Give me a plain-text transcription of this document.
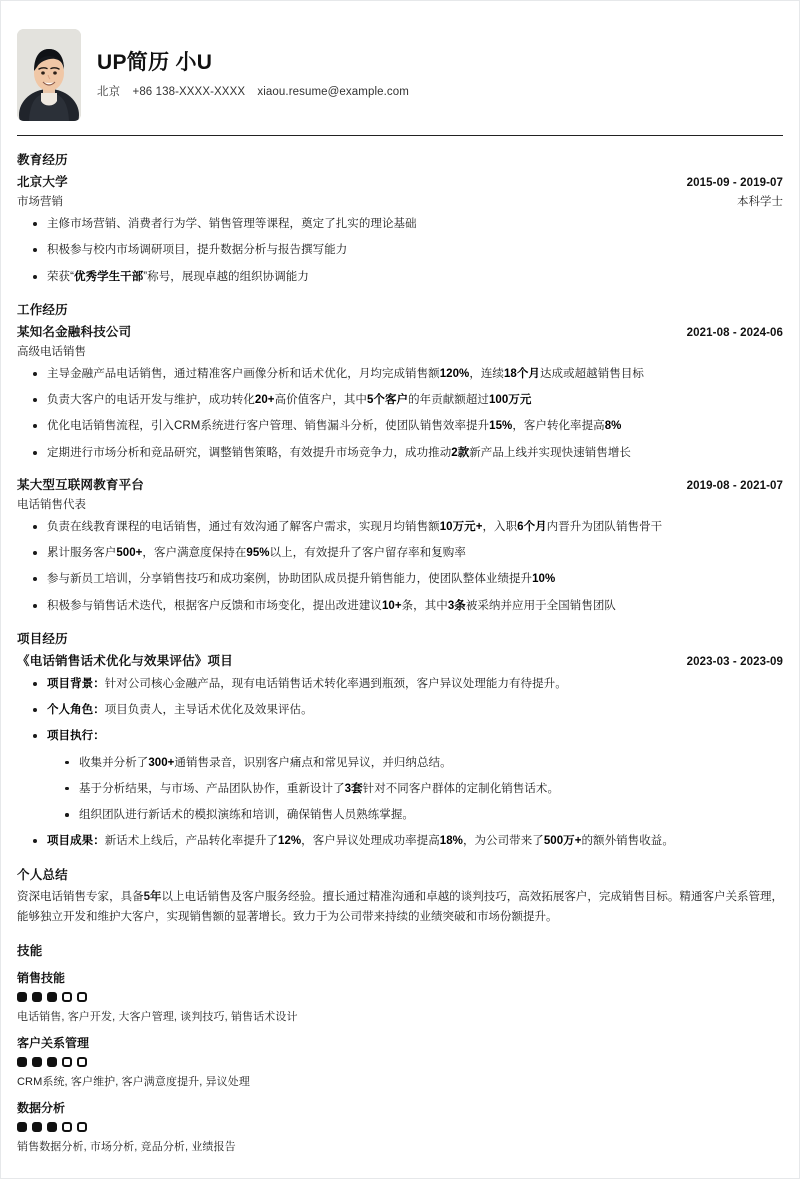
UP简历 小U
北京 +86 138-XXXX-XXXX xiaou.resume@example.com
教育经历
北京大学	2015-09 - 2019-07
市场营销	本科学士
主修市场营销、消费者行为学、销售管理等课程，奠定了扎实的理论基础
积极参与校内市场调研项目，提升数据分析与报告撰写能力
荣获“优秀学生干部”称号，展现卓越的组织协调能力
工作经历
某知名金融科技公司	2021-08 - 2024-06
高级电话销售
主导金融产品电话销售，通过精准客户画像分析和话术优化，月均完成销售额120%，连续18个月达成或超越销售目标
负责大客户的电话开发与维护，成功转化20+高价值客户，其中5个客户的年贡献额超过100万元
优化电话销售流程，引入CRM系统进行客户管理、销售漏斗分析，使团队销售效率提升15%，客户转化率提高8%
定期进行市场分析和竞品研究，调整销售策略，有效提升市场竞争力，成功推动2款新产品上线并实现快速销售增长
某大型互联网教育平台	2019-08 - 2021-07
电话销售代表
负责在线教育课程的电话销售，通过有效沟通了解客户需求，实现月均销售额10万元+，入职6个月内晋升为团队销售骨干
累计服务客户500+，客户满意度保持在95%以上，有效提升了客户留存率和复购率
参与新员工培训，分享销售技巧和成功案例，协助团队成员提升销售能力，使团队整体业绩提升10%
积极参与销售话术迭代，根据客户反馈和市场变化，提出改进建议10+条，其中3条被采纳并应用于全国销售团队
项目经历
《电话销售话术优化与效果评估》项目	2023-03 - 2023-09
项目背景：针对公司核心金融产品，现有电话销售话术转化率遇到瓶颈，客户异议处理能力有待提升。
个人角色：项目负责人，主导话术优化及效果评估。
项目执行：
收集并分析了300+通销售录音，识别客户痛点和常见异议，并归纳总结。
基于分析结果，与市场、产品团队协作，重新设计了3套针对不同客户群体的定制化销售话术。
组织团队进行新话术的模拟演练和培训，确保销售人员熟练掌握。
项目成果：新话术上线后，产品转化率提升了12%，客户异议处理成功率提高18%，为公司带来了500万+的额外销售收益。
个人总结
资深电话销售专家，具备5年以上电话销售及客户服务经验。擅长通过精准沟通和卓越的谈判技巧，高效拓展客户，完成销售目标。精通客户关系管理，能够独立开发和维护大客户，实现销售额的显著增长。致力于为公司带来持续的业绩突破和市场份额提升。
技能
销售技能
电话销售, 客户开发, 大客户管理, 谈判技巧, 销售话术设计
客户关系管理
CRM系统, 客户维护, 客户满意度提升, 异议处理
数据分析
销售数据分析, 市场分析, 竞品分析, 业绩报告
